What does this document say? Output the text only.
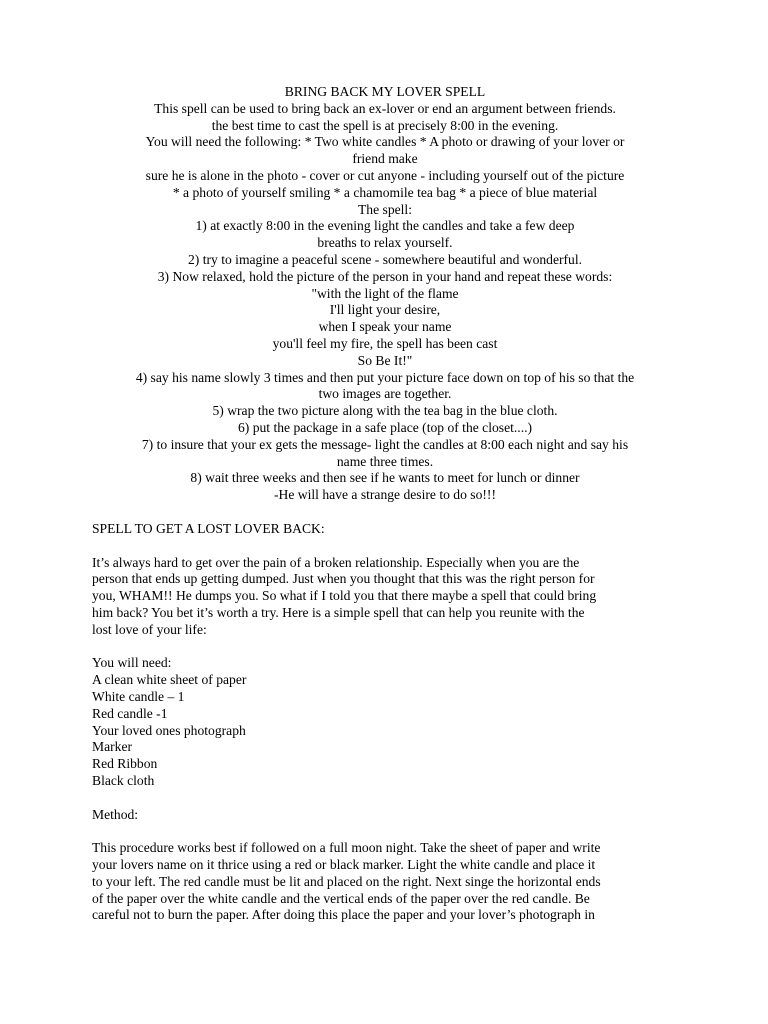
BRING BACK MY LOVER SPELL
This spell can be used to bring back an ex-lover or end an argument between friends.
the best time to cast the spell is at precisely 8:00 in the evening.
You will need the following: * Two white candles * A photo or drawing of your lover or
friend make
sure he is alone in the photo - cover or cut anyone - including yourself out of the picture
* a photo of yourself smiling * a chamomile tea bag * a piece of blue material
The spell:
1) at exactly 8:00 in the evening light the candles and take a few deep
breaths to relax yourself.
2) try to imagine a peaceful scene - somewhere beautiful and wonderful.
3) Now relaxed, hold the picture of the person in your hand and repeat these words:
"with the light of the flame
I'll light your desire,
when I speak your name
you'll feel my fire, the spell has been cast
So Be It!"
4) say his name slowly 3 times and then put your picture face down on top of his so that the
two images are together.
5) wrap the two picture along with the tea bag in the blue cloth.
6) put the package in a safe place (top of the closet....)
7) to insure that your ex gets the message- light the candles at 8:00 each night and say his
name three times.
8) wait three weeks and then see if he wants to meet for lunch or dinner
-He will have a strange desire to do so!!!
SPELL TO GET A LOST LOVER BACK:
It’s always hard to get over the pain of a broken relationship. Especially when you are the
person that ends up getting dumped. Just when you thought that this was the right person for
you, WHAM!! He dumps you. So what if I told you that there maybe a spell that could bring
him back? You bet it’s worth a try. Here is a simple spell that can help you reunite with the
lost love of your life:
You will need:
A clean white sheet of paper
White candle – 1
Red candle -1
Your loved ones photograph
Marker
Red Ribbon
Black cloth
Method:
This procedure works best if followed on a full moon night. Take the sheet of paper and write
your lovers name on it thrice using a red or black marker. Light the white candle and place it
to your left. The red candle must be lit and placed on the right. Next singe the horizontal ends
of the paper over the white candle and the vertical ends of the paper over the red candle. Be
careful not to burn the paper. After doing this place the paper and your lover’s photograph in
